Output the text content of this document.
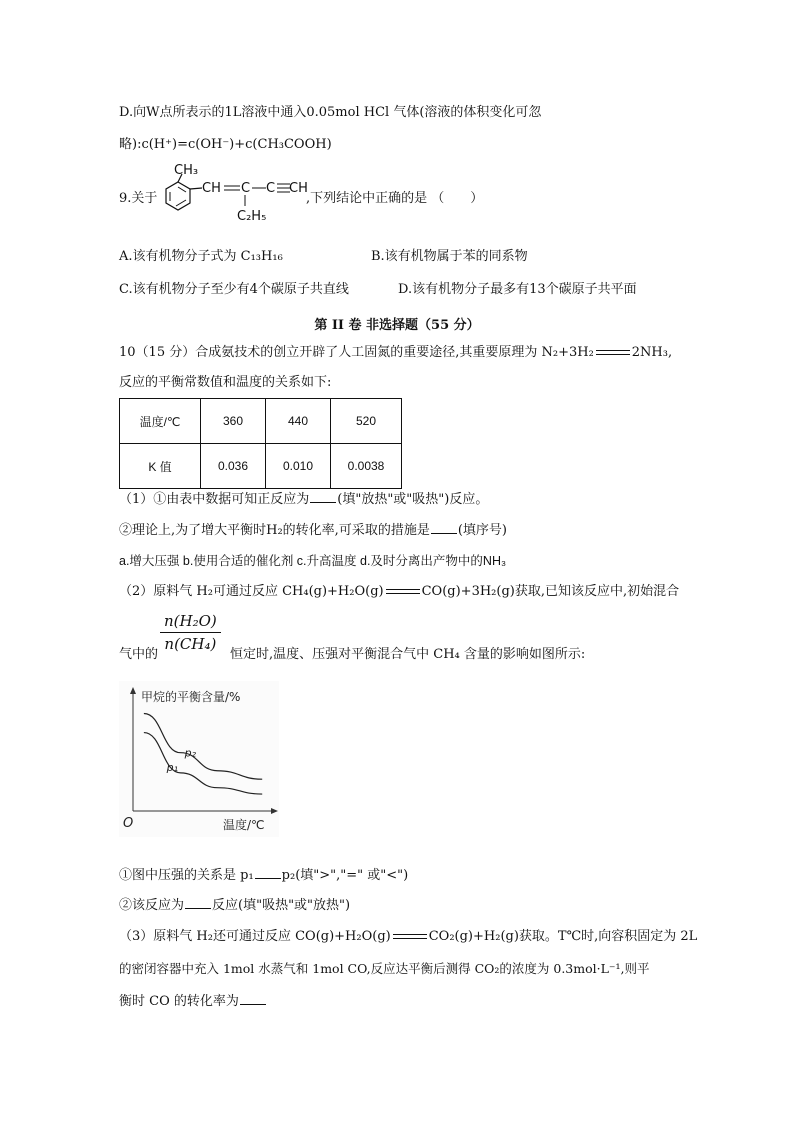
D.向W点所表示的1L溶液中通入0.05mol HCl 气体(溶液的体积变化可忽
略):c(H⁺)=c(OH⁻)+c(CH₃COOH)
9.关于
CH₃
CH C C CH
C₂H₅
,下列结论中正确的是 （　　）
A.该有机物分子式为 C₁₃H₁₆	B.该有机物属于苯的同系物
C.该有机物分子至少有4个碳原子共直线	D.该有机物分子最多有13个碳原子共平面
第 II 卷 非选择题（55 分）
10（15 分）合成氨技术的创立开辟了人工固氮的重要途径,其重要原理为 N₂+3H₂	2NH₃,
反应的平衡常数值和温度的关系如下:
温度/℃	360	440	520
K 值	0.036	0.010	0.0038
（1）①由表中数据可知正反应为 (填"放热"或"吸热")反应。
②理论上,为了增大平衡时H₂的转化率,可采取的措施是 (填序号)
a.增大压强 b.使用合适的催化剂 c.升高温度 d.及时分离出产物中的NH₃
（2）原料气 H₂可通过反应 CH₄(g)+H₂O(g)	CO(g)+3H₂(g)获取,已知该反应中,初始混合
$\frac{\text{n(H₂O)}}{\text{n(CH₄)}}$
气中的	恒定时,温度、压强对平衡混合气中 CH₄ 含量的影响如图所示:
甲烷的平衡含量/%
温度/℃
O
p₂
p₁
①图中压强的关系是 p₁ p₂(填">","=" 或"<")
②该反应为 反应(填"吸热"或"放热")
（3）原料气 H₂还可通过反应 CO(g)+H₂O(g)	CO₂(g)+H₂(g)获取。T℃时,向容积固定为 2L
的密闭容器中充入 1mol 水蒸气和 1mol CO,反应达平衡后测得 CO₂的浓度为 0.3mol·L⁻¹,则平
衡时 CO 的转化率为
